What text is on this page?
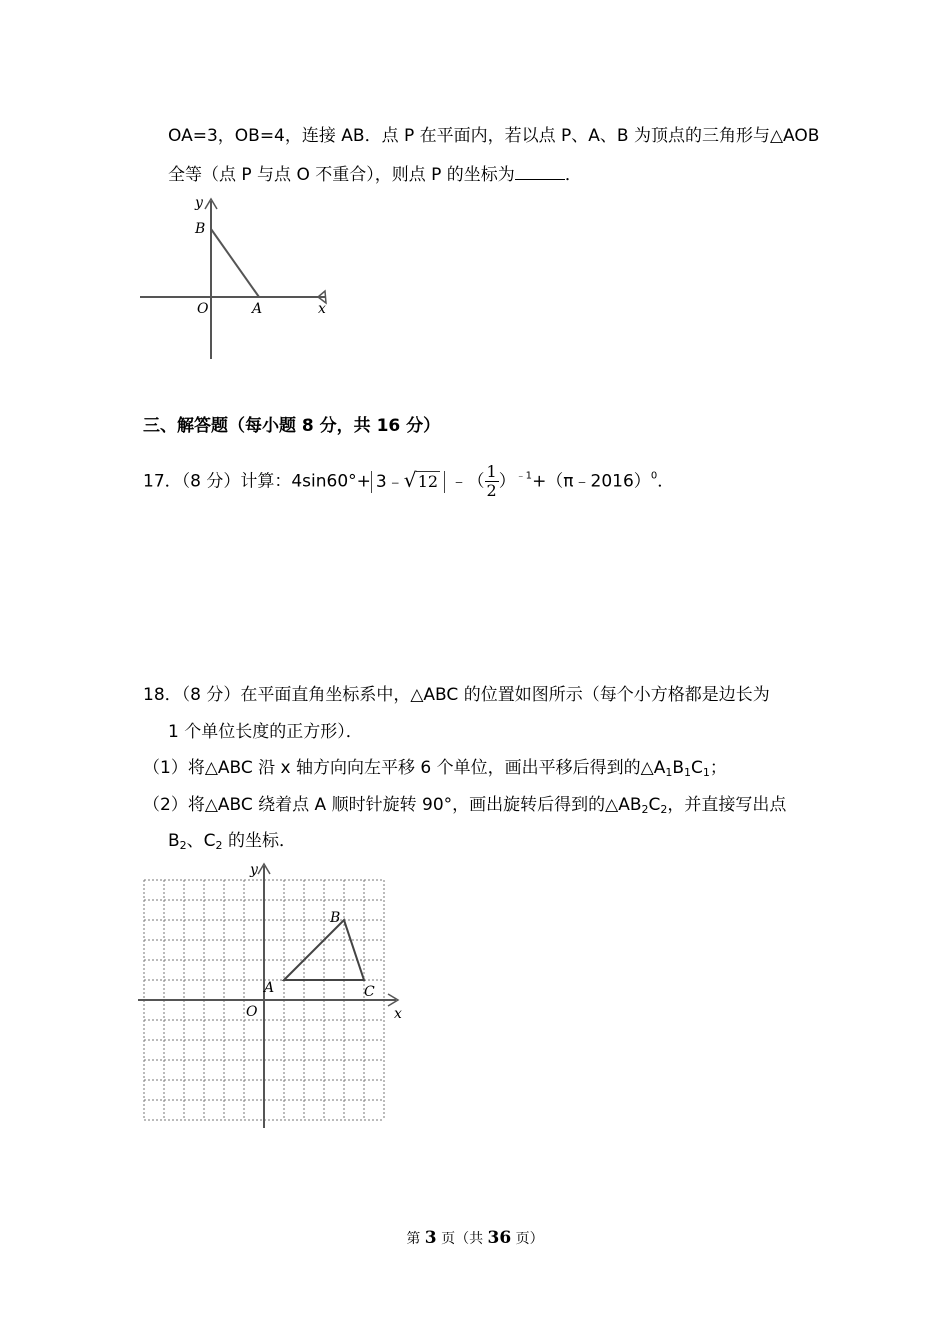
OA=3，OB=4，连接 AB．点 P 在平面内，若以点 P、A、B 为顶点的三角形与△AOB
全等（点 P 与点 O 不重合），则点 P 的坐标为	．
y
x
B
O	A
三、解答题（每小题 8 分，共 16 分）
17．（8 分）计算：4sin60°+ 3﹣ √ 12 ﹣（ $\frac{1}{2}$ ）$^{﹣1}$+（π﹣2016）$^0$．
18．（8 分）在平面直角坐标系中，△ABC 的位置如图所示（每个小方格都是边长为
1 个单位长度的正方形）．
（1）将△ABC 沿 x 轴方向向左平移 6 个单位，画出平移后得到的$\triangle A_1B_1C_1$；
（2）将△ABC 绕着点 A 顺时针旋转 90°，画出旋转后得到的$\triangle AB_2C_2$，并直接写出点
$B_2$、$C_2$ 的坐标．
y
x
B
A	C
O
第 3 页（共 36 页）
